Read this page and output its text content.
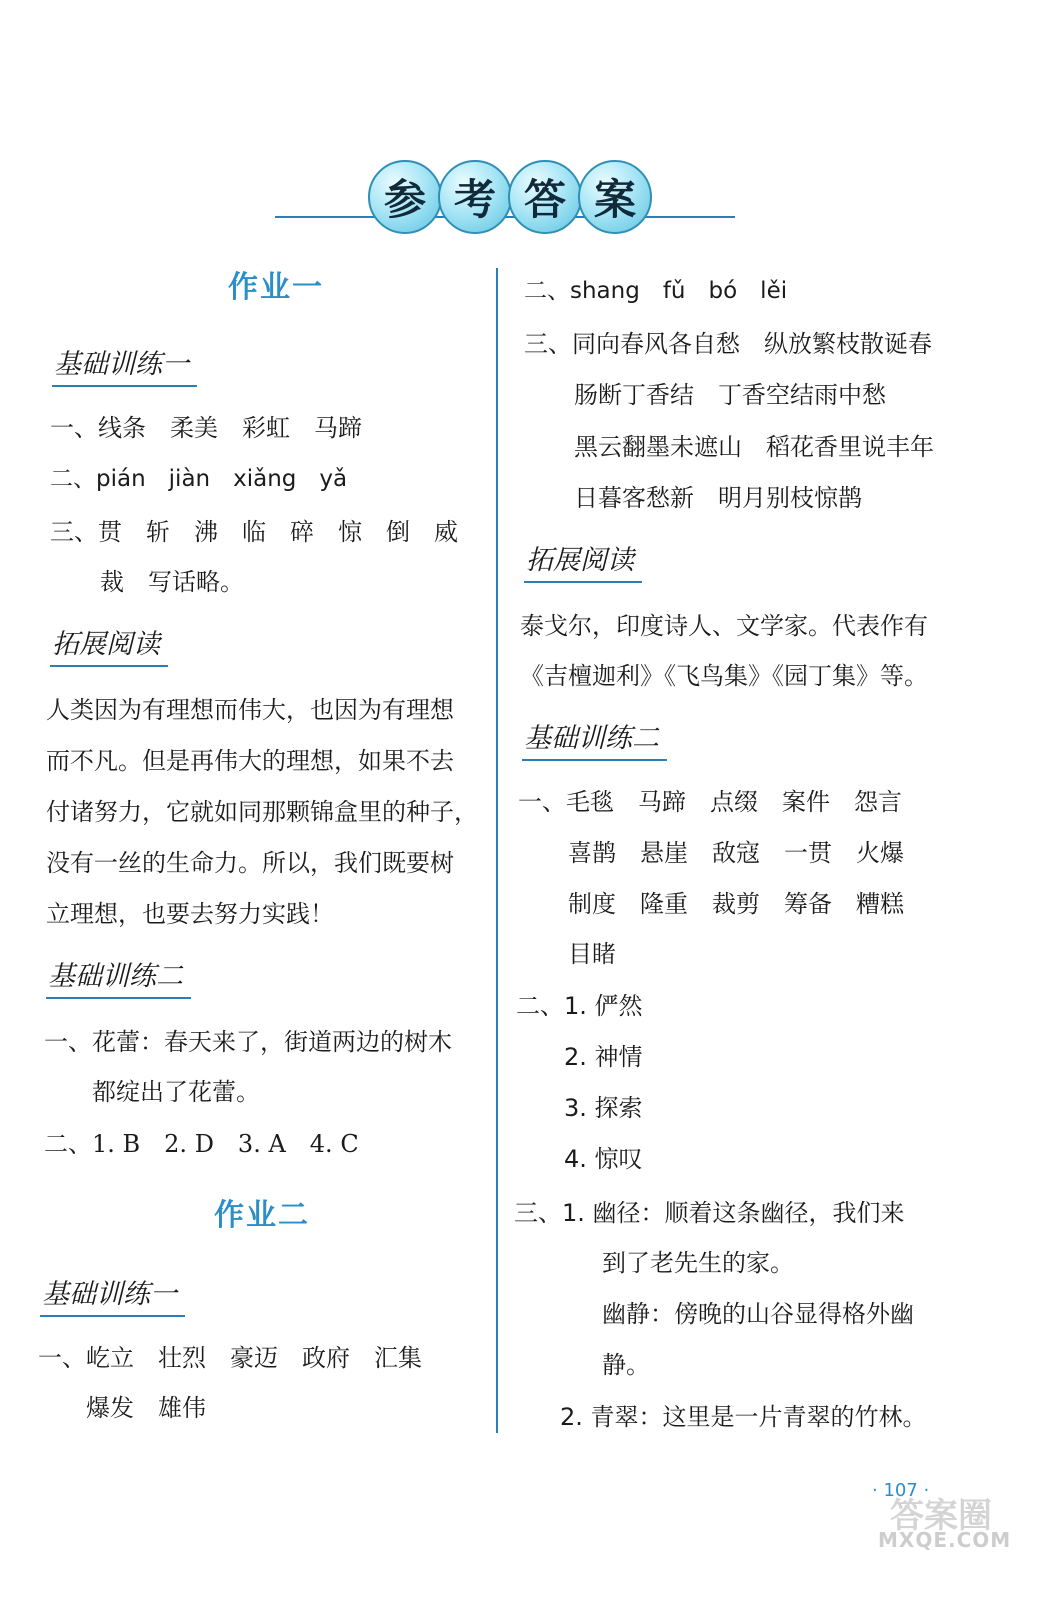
参 考 答 案
作业一
基础训练一
一、线条　柔美　彩虹　马蹄
二、pián　jiàn　xiǎng　yǎ
三、贯　斩　沸　临　碎　惊　倒　威
裁　写话略。
拓展阅读
人类因为有理想而伟大，也因为有理想
而不凡。但是再伟大的理想，如果不去
付诸努力，它就如同那颗锦盒里的种子，
没有一丝的生命力。所以，我们既要树
立理想，也要去努力实践！
基础训练二
一、花蕾：春天来了，街道两边的树木
都绽出了花蕾。
二、1. B　2. D　3. A　4. C
作业二
基础训练一
一、屹立　壮烈　豪迈　政府　汇集
爆发　雄伟
二、shang　fǔ　bó　lěi
三、同向春风各自愁　纵放繁枝散诞春
肠断丁香结　丁香空结雨中愁
黑云翻墨未遮山　稻花香里说丰年
日暮客愁新　明月别枝惊鹊
拓展阅读
泰戈尔，印度诗人、文学家。代表作有
《吉檀迦利》《飞鸟集》《园丁集》等。
基础训练二
一、毛毯　马蹄　点缀　案件　怨言
喜鹊　悬崖　敌寇　一贯　火爆
制度　隆重　裁剪　筹备　糟糕
目睹
二、1. 俨然
2. 神情
3. 探索
4. 惊叹
三、1. 幽径：顺着这条幽径，我们来
到了老先生的家。
幽静：傍晚的山谷显得格外幽
静。
2. 青翠：这里是一片青翠的竹林。
· 107 ·
答案圈
MXQE.COM
